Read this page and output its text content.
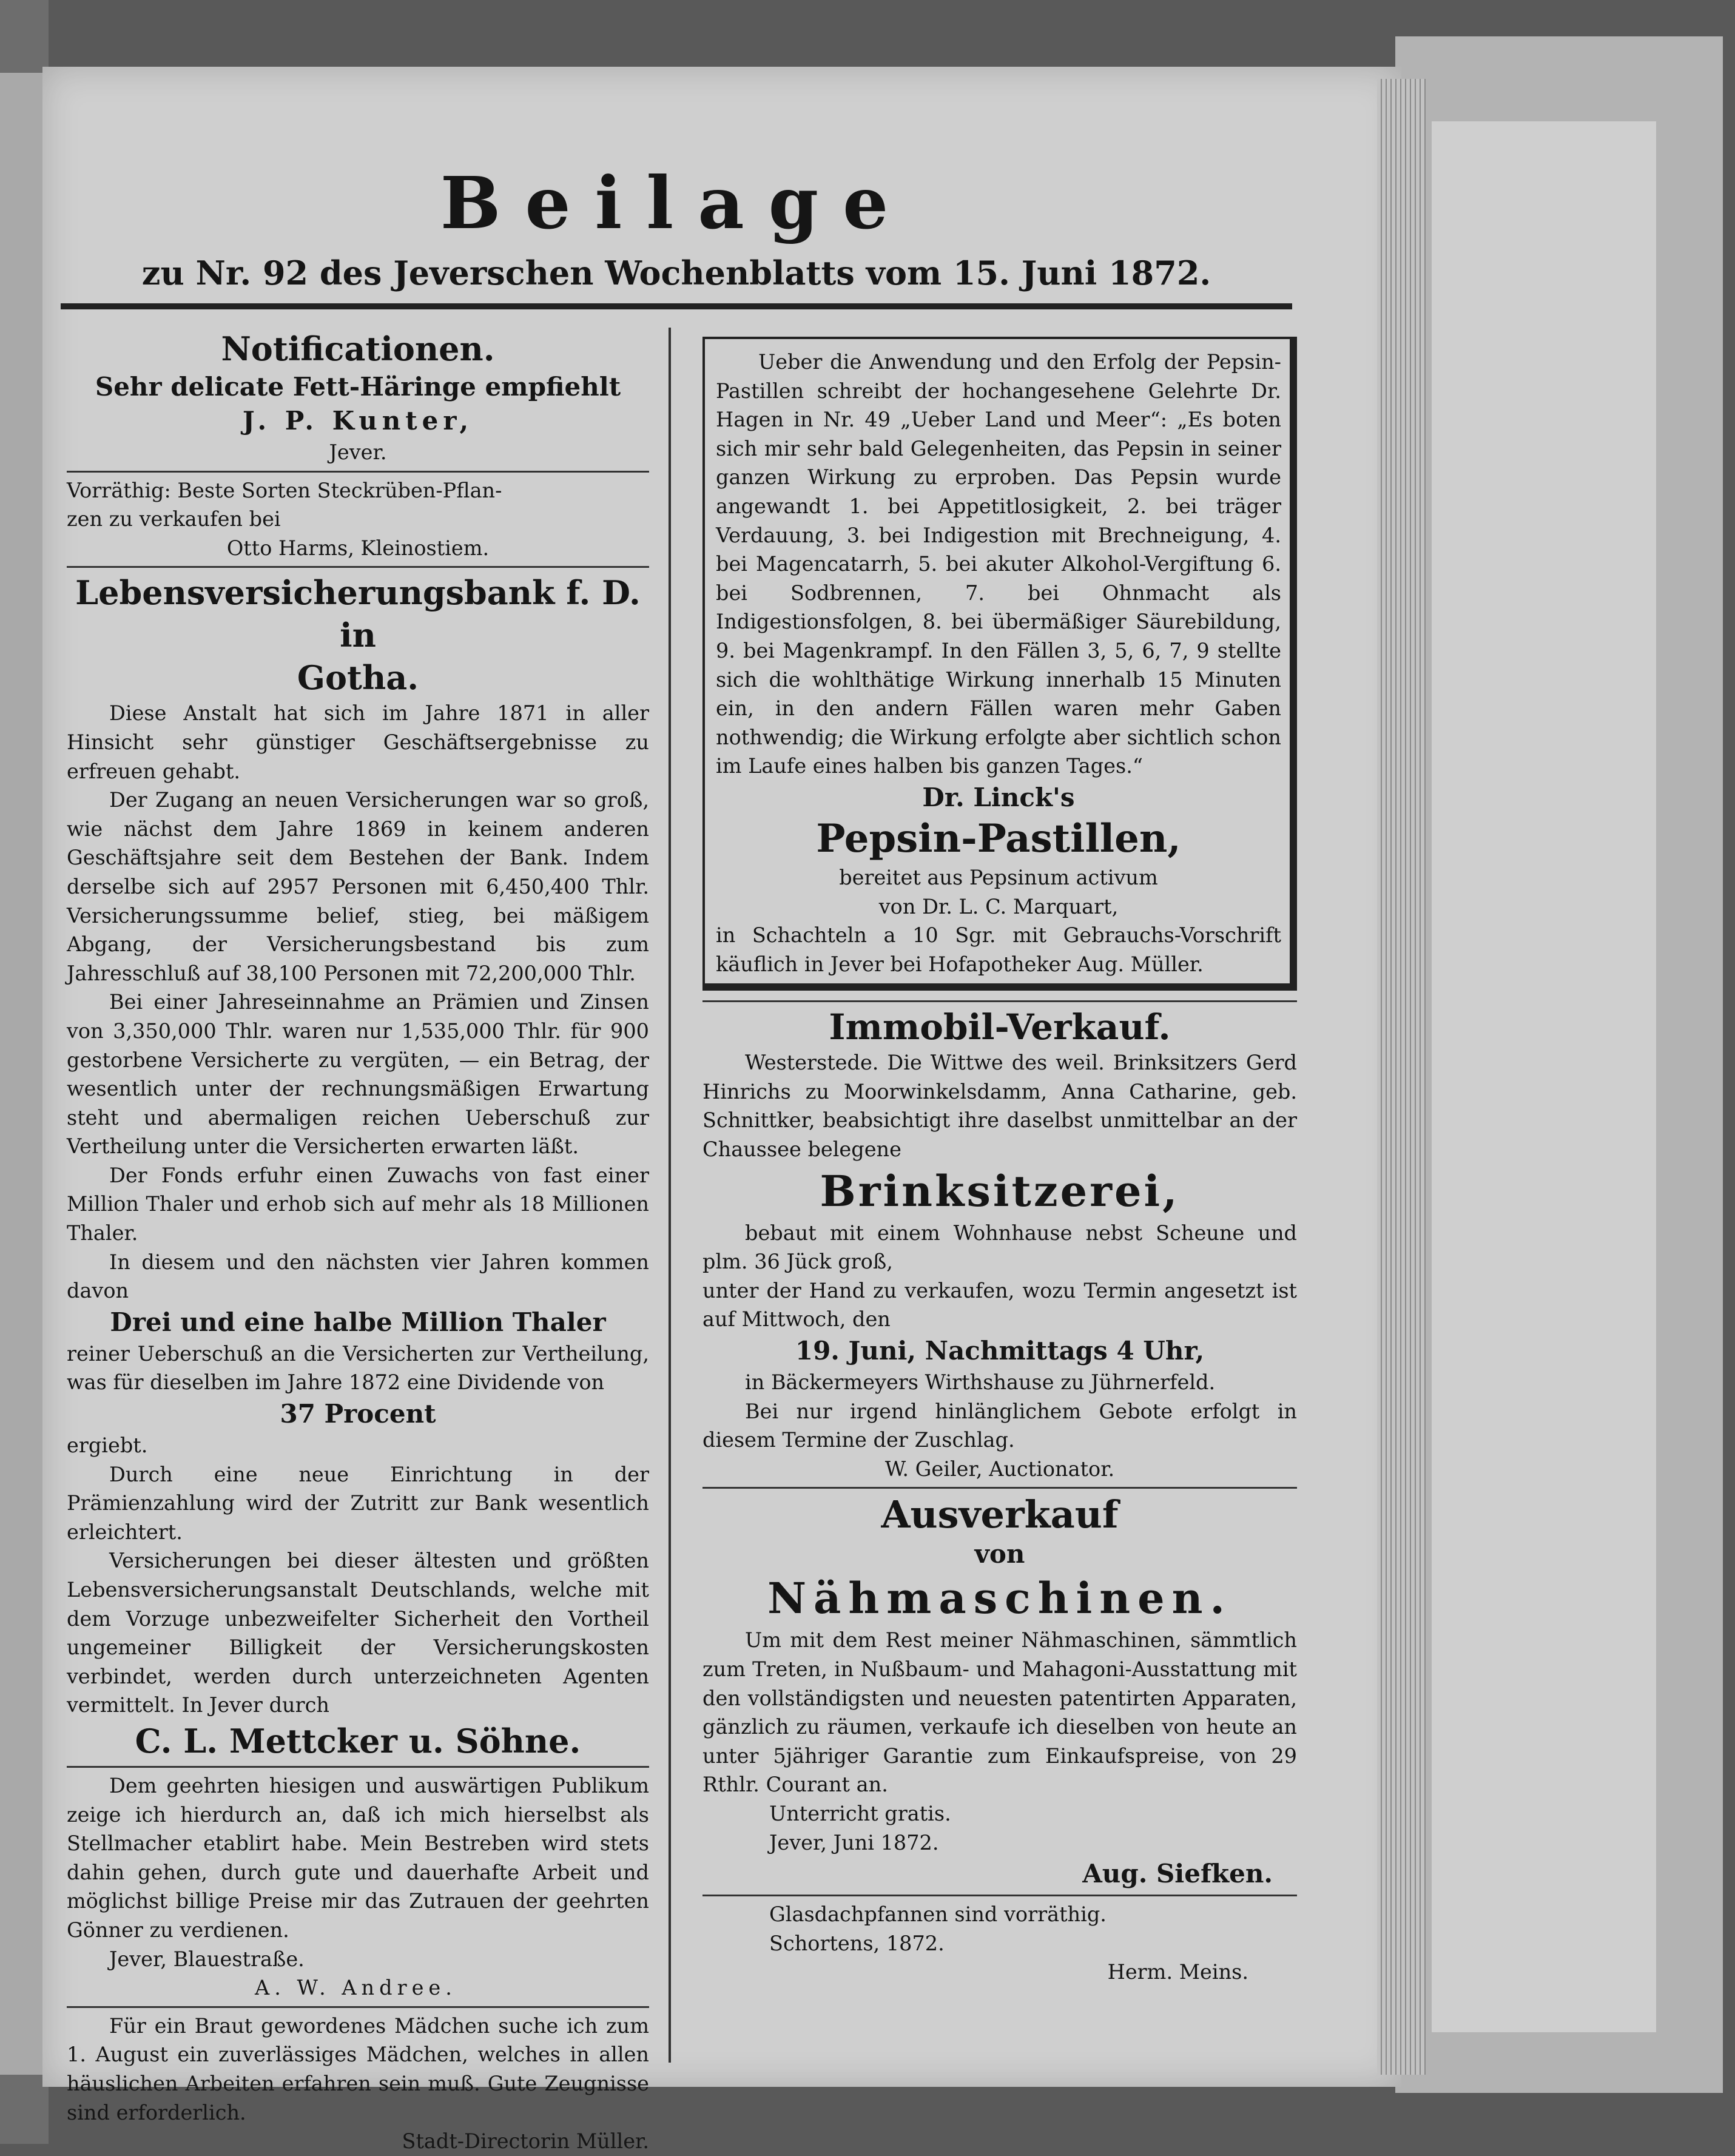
Beilage
zu Nr. 92 des Jeverschen Wochenblatts vom 15. Juni 1872.
Notificationen.
Sehr delicate Fett-Häringe empfiehlt
J. P. Kunter,
Jever.
Vorräthig: Beste Sorten Steckrüben-Pflan-
zen zu verkaufen bei
Otto Harms, Kleinostiem.
Lebensversicherungsbank f. D. in
Gotha.

Diese Anstalt hat sich im Jahre 1871 in aller Hinsicht sehr günstiger Geschäftsergebnisse zu erfreuen gehabt.

Der Zugang an neuen Versicherungen war so groß, wie nächst dem Jahre 1869 in keinem anderen Geschäftsjahre seit dem Bestehen der Bank. Indem derselbe sich auf 2957 Personen mit 6,450,400 Thlr. Versicherungssumme belief, stieg, bei mäßigem Abgang, der Versicherungsbestand bis zum Jahresschluß auf 38,100 Personen mit 72,200,000 Thlr.

Bei einer Jahreseinnahme an Prämien und Zinsen von 3,350,000 Thlr. waren nur 1,535,000 Thlr. für 900 gestorbene Versicherte zu vergüten, — ein Betrag, der wesentlich unter der rechnungsmäßigen Erwartung steht und abermaligen reichen Ueberschuß zur Vertheilung unter die Versicherten erwarten läßt.

Der Fonds erfuhr einen Zuwachs von fast einer Million Thaler und erhob sich auf mehr als 18 Millionen Thaler.

In diesem und den nächsten vier Jahren kommen davon

Drei und eine halbe Million Thaler

reiner Ueberschuß an die Versicherten zur Vertheilung, was für dieselben im Jahre 1872 eine Dividende von

37 Procent

ergiebt.

Durch eine neue Einrichtung in der Prämienzahlung wird der Zutritt zur Bank wesentlich erleichtert.

Versicherungen bei dieser ältesten und größten Lebensversicherungsanstalt Deutschlands, welche mit dem Vorzuge unbezweifelter Sicherheit den Vortheil ungemeiner Billigkeit der Versicherungskosten verbindet, werden durch unterzeichneten Agenten vermittelt. In Jever durch

C. L. Mettcker u. Söhne.

Dem geehrten hiesigen und auswärtigen Publikum zeige ich hierdurch an, daß ich mich hierselbst als Stellmacher etablirt habe. Mein Bestreben wird stets dahin gehen, durch gute und dauerhafte Arbeit und möglichst billige Preise mir das Zutrauen der geehrten Gönner zu verdienen.

Jever, Blauestraße.
A. W. Andree.

Für ein Braut gewordenes Mädchen suche ich zum 1. August ein zuverlässiges Mädchen, welches in allen häuslichen Arbeiten erfahren sein muß. Gute Zeugnisse sind erforderlich.

Stadt-Directorin Müller.

Ueber die Anwendung und den Erfolg der Pepsin-Pastillen schreibt der hochangesehene Gelehrte Dr. Hagen in Nr. 49 „Ueber Land und Meer“: „Es boten sich mir sehr bald Gelegenheiten, das Pepsin in seiner ganzen Wirkung zu erproben. Das Pepsin wurde angewandt 1. bei Appetitlosigkeit, 2. bei träger Verdauung, 3. bei Indigestion mit Brechneigung, 4. bei Magencatarrh, 5. bei akuter Alkohol-Vergiftung 6. bei Sodbrennen, 7. bei Ohnmacht als Indigestionsfolgen, 8. bei übermäßiger Säurebildung, 9. bei Magenkrampf. In den Fällen 3, 5, 6, 7, 9 stellte sich die wohlthätige Wirkung innerhalb 15 Minuten ein, in den andern Fällen waren mehr Gaben nothwendig; die Wirkung erfolgte aber sichtlich schon im Laufe eines halben bis ganzen Tages.“

Dr. Linck's
Pepsin-Pastillen,
bereitet aus Pepsinum activum
von Dr. L. C. Marquart,

in Schachteln a 10 Sgr. mit Gebrauchs-Vorschrift käuflich in Jever bei Hofapotheker Aug. Müller.

Immobil-Verkauf.

Westerstede. Die Wittwe des weil. Brinksitzers Gerd Hinrichs zu Moorwinkelsdamm, Anna Catharine, geb. Schnittker, beabsichtigt ihre daselbst unmittelbar an der Chaussee belegene

Brinksitzerei,

bebaut mit einem Wohnhause nebst Scheune und plm. 36 Jück groß,

unter der Hand zu verkaufen, wozu Termin angesetzt ist auf Mittwoch, den

19. Juni, Nachmittags 4 Uhr,

in Bäckermeyers Wirthshause zu Jührnerfeld.

Bei nur irgend hinlänglichem Gebote erfolgt in diesem Termine der Zuschlag.

W. Geiler, Auctionator.
Ausverkauf
von
Nähmaschinen.

Um mit dem Rest meiner Nähmaschinen, sämmtlich zum Treten, in Nußbaum- und Mahagoni-Ausstattung mit den vollständigsten und neuesten patentirten Apparaten, gänzlich zu räumen, verkaufe ich dieselben von heute an unter 5jähriger Garantie zum Einkaufspreise, von 29 Rthlr. Courant an.

Unterricht gratis.
Jever, Juni 1872.
Aug. Siefken.
Glasdachpfannen sind vorräthig.
Schortens, 1872.
Herm. Meins.
